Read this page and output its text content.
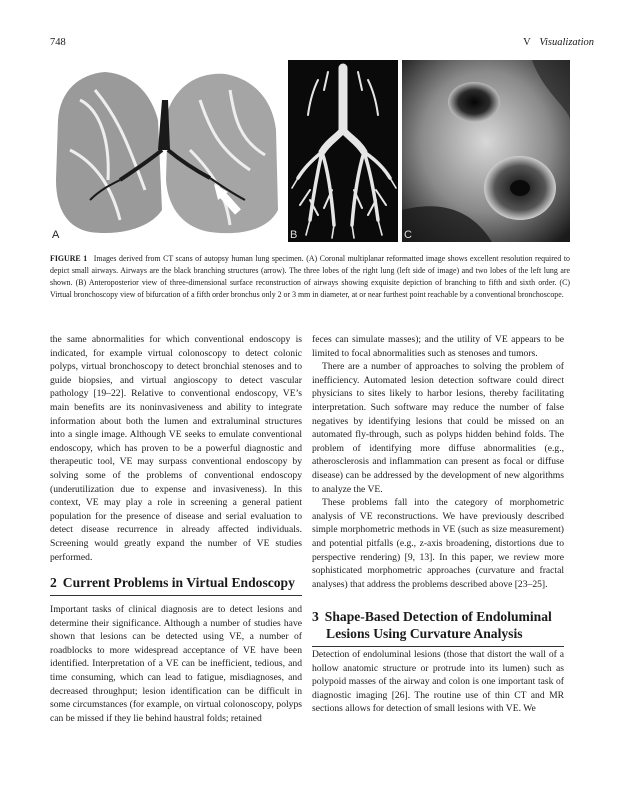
748	V Visualization
A	B	C
FIGURE 1 Images derived from CT scans of autopsy human lung specimen. (A) Coronal multiplanar reformatted image shows excellent resolution required to depict small airways. Airways are the black branching structures (arrow). The three lobes of the right lung (left side of image) and two lobes of the left lung are shown. (B) Anteroposterior view of three-dimensional surface reconstruction of airways showing exquisite depiction of branching to fifth and sixth order. (C) Virtual bronchoscopy view of bifurcation of a fifth order bronchus only 2 or 3 mm in diameter, at or near furthest point reachable by a conventional bronchoscope.

the same abnormalities for which conventional endoscopy is indicated, for example virtual colonoscopy to detect colonic polyps, virtual bronchoscopy to detect bronchial stenoses and to guide biopsies, and virtual angioscopy to detect vascular pathology [19–22]. Relative to conventional endoscopy, VE’s main benefits are its noninvasiveness and ability to integrate information about both the lumen and extraluminal structures into a single image. Although VE seeks to emulate conventional endoscopy, which has proven to be a powerful diagnostic and therapeutic tool, VE may surpass conventional endoscopy by solving some of the problems of conventional endoscopy (underutilization due to expense and invasiveness). In this context, VE may play a role in screening a general patient population for the presence of disease and serial evaluation to detect disease recurrence in already affected individuals. Screening would greatly expand the number of VE studies performed.

feces can simulate masses); and the utility of VE appears to be limited to focal abnormalities such as stenoses and tumors.

There are a number of approaches to solving the problem of inefficiency. Automated lesion detection software could direct physicians to sites likely to harbor lesions, thereby facilitating interpretation. Such software may reduce the number of false negatives by identifying lesions that could be missed on an automated fly-through, such as polyps hidden behind folds. The problem of identifying more diffuse abnormalities (e.g., atherosclerosis and inflammation can present as focal or diffuse disease) can be addressed by the development of new algorithms to analyze the VE.

These problems fall into the category of morphometric analysis of VE reconstructions. We have previously described simple morphometric methods in VE (such as size measurement) and potential pitfalls (e.g., z-axis broadening, distortions due to perspective rendering) [9, 13]. In this paper, we review more sophisticated morphometric approaches (curvature and fractal analyses) that address the problems described above [23–25].

2 Current Problems in Virtual Endoscopy

Important tasks of clinical diagnosis are to detect lesions and determine their significance. Although a number of studies have shown that lesions can be detected using VE, a number of roadblocks to more widespread acceptance of VE have been identified. Interpretation of a VE can be inefficient, tedious, and time consuming, which can lead to fatigue, misdiagnoses, and decreased throughput; lesion identification can be difficult in some circumstances (for example, on virtual colonoscopy, polyps can be missed if they lie behind haustral folds; retained

3 Shape-Based Detection of Endoluminal
Lesions Using Curvature Analysis

Detection of endoluminal lesions (those that distort the wall of a hollow anatomic structure or protrude into its lumen) such as polypoid masses of the airway and colon is one important task of diagnostic imaging [26]. The routine use of thin CT and MR sections allows for detection of small lesions with VE. We
